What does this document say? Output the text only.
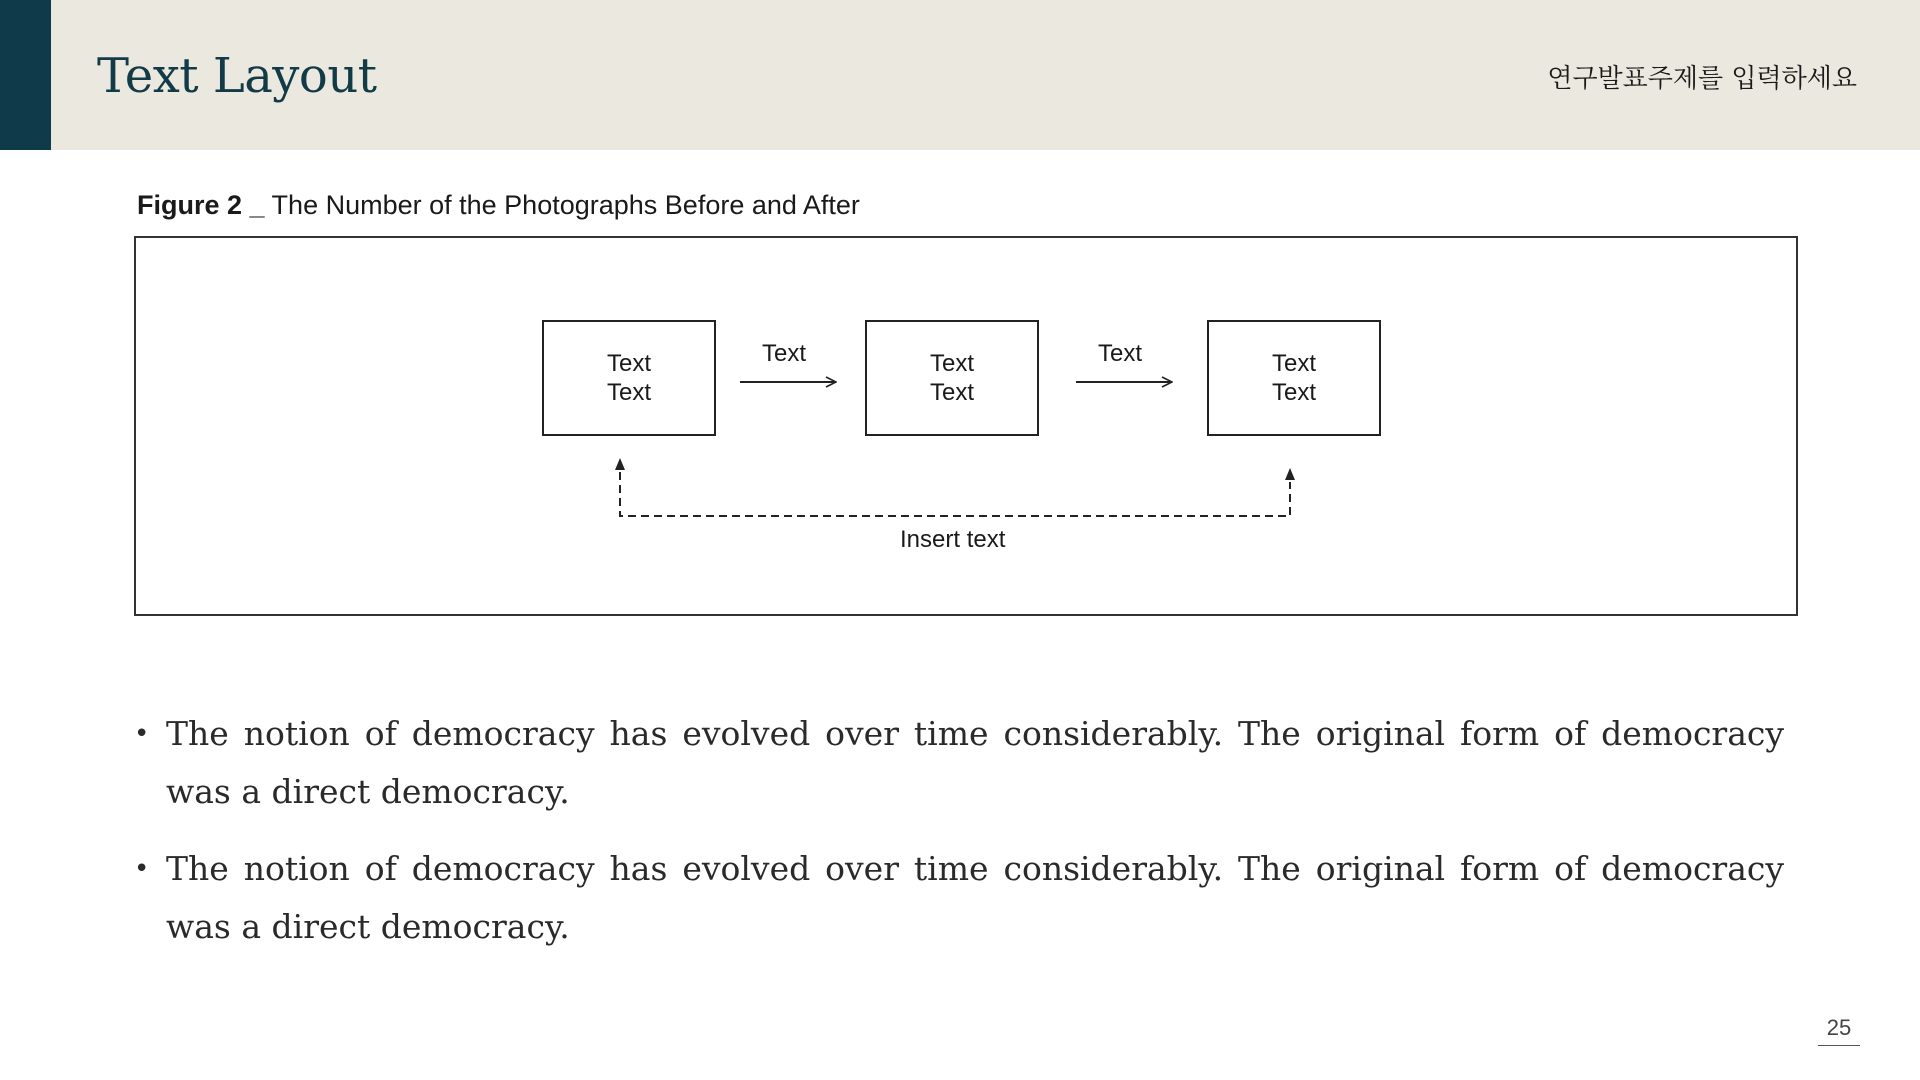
Text Layout	연구발표주제를 입력하세요
Figure 2 _ The Number of the Photographs Before and After
Text
Text
Text
Text
Text
Text
Text	Text
Insert text
• The notion of democracy has evolved over time considerably. The original form of democracy was a direct democracy.
• The notion of democracy has evolved over time considerably. The original form of democracy was a direct democracy.
25
